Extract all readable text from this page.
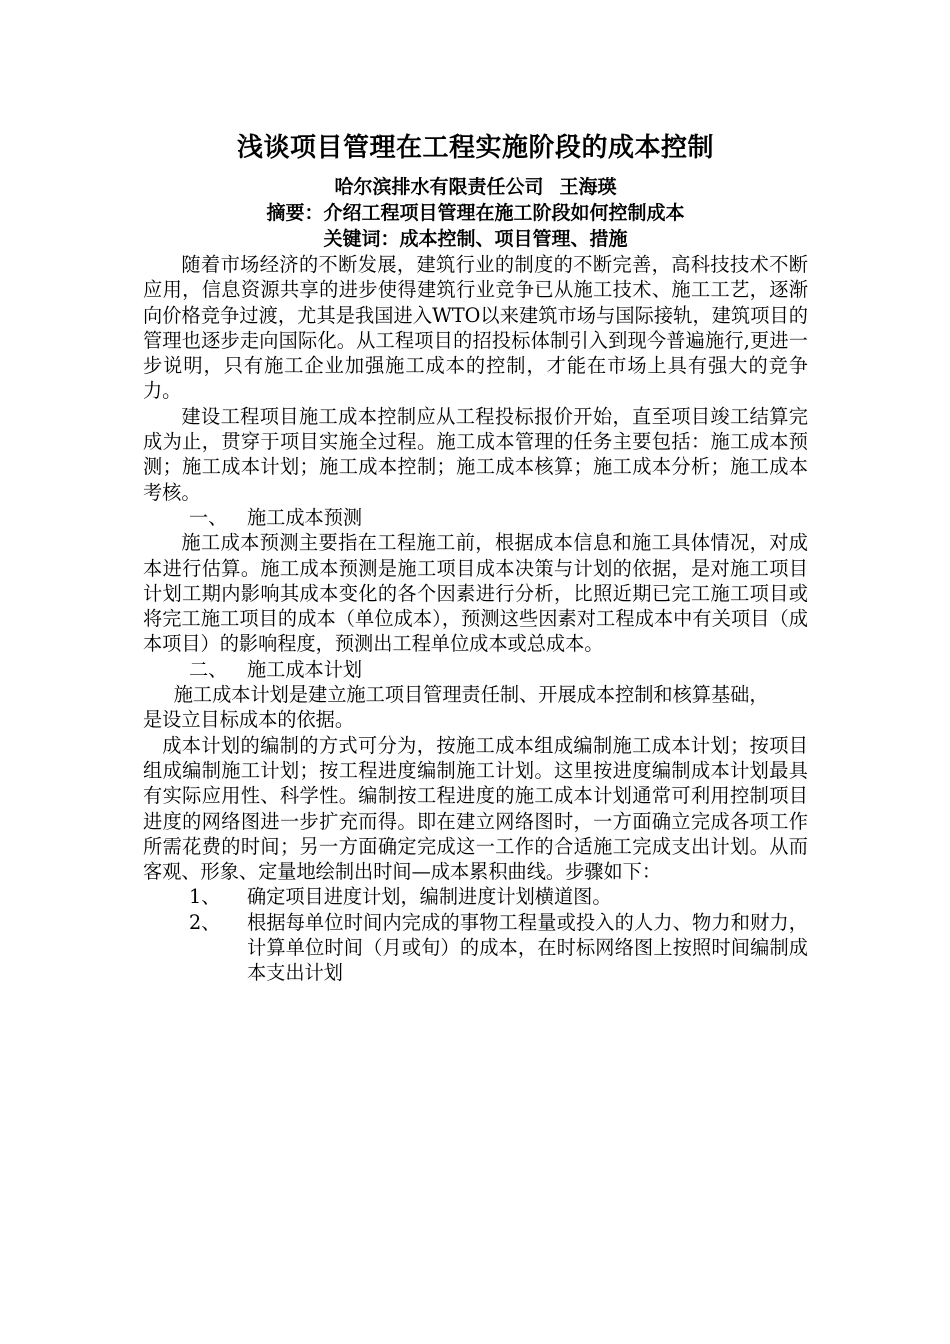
浅谈项目管理在工程实施阶段的成本控制

哈尔滨排水有限责任公司 王海瑛

摘要：介绍工程项目管理在施工阶段如何控制成本

关键词：成本控制、项目管理、措施

随着市场经济的不断发展，建筑行业的制度的不断完善，高科技技术不断应用，信息资源共享的进步使得建筑行业竞争已从施工技术、施工工艺，逐渐向价格竞争过渡，尤其是我国进入WTO以来建筑市场与国际接轨，建筑项目的管理也逐步走向国际化。从工程项目的招投标体制引入到现今普遍施行,更进一步说明，只有施工企业加强施工成本的控制，才能在市场上具有强大的竞争力。

建设工程项目施工成本控制应从工程投标报价开始，直至项目竣工结算完成为止，贯穿于项目实施全过程。施工成本管理的任务主要包括：施工成本预测；施工成本计划；施工成本控制；施工成本核算；施工成本分析；施工成本考核。

一、 施工成本预测

施工成本预测主要指在工程施工前，根据成本信息和施工具体情况，对成本进行估算。施工成本预测是施工项目成本决策与计划的依据，是对施工项目计划工期内影响其成本变化的各个因素进行分析，比照近期已完工施工项目或将完工施工项目的成本（单位成本），预测这些因素对工程成本中有关项目（成本项目）的影响程度，预测出工程单位成本或总成本。

二、 施工成本计划

施工成本计划是建立施工项目管理责任制、开展成本控制和核算基础，是设立目标成本的依据。

成本计划的编制的方式可分为，按施工成本组成编制施工成本计划；按项目组成编制施工计划；按工程进度编制施工计划。这里按进度编制成本计划最具有实际应用性、科学性。编制按工程进度的施工成本计划通常可利用控制项目进度的网络图进一步扩充而得。即在建立网络图时，一方面确立完成各项工作所需花费的时间；另一方面确定完成这一工作的合适施工完成支出计划。从而客观、形象、定量地绘制出时间—成本累积曲线。步骤如下：

1、	确定项目进度计划，编制进度计划横道图。
2、	根据每单位时间内完成的事物工程量或投入的人力、物力和财力，计算单位时间（月或旬）的成本，在时标网络图上按照时间编制成本支出计划
